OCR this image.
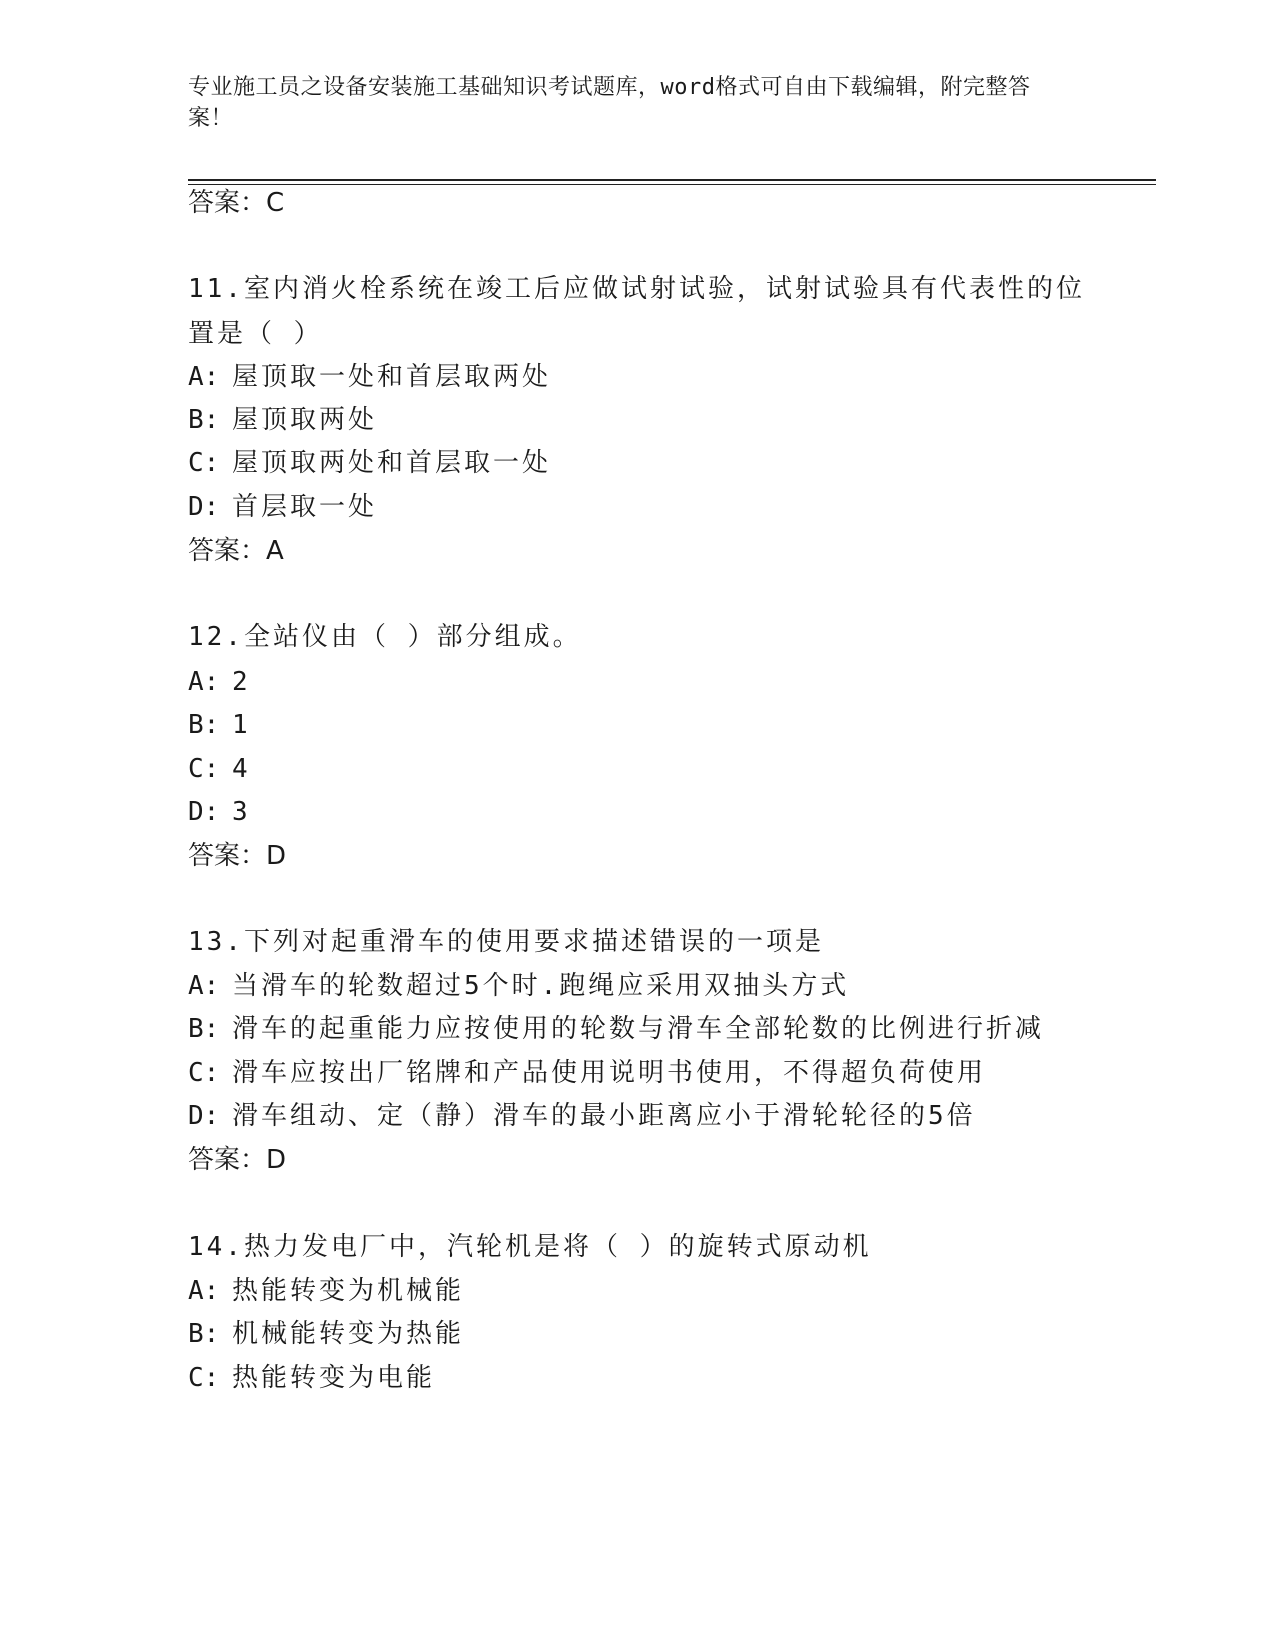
专业施工员之设备安装施工基础知识考试题库，word格式可自由下载编辑，附完整答案！
答案：C
11.室内消火栓系统在竣工后应做试射试验，试射试验具有代表性的位置是（ ）
A: 屋顶取一处和首层取两处
B: 屋顶取两处
C: 屋顶取两处和首层取一处
D: 首层取一处
答案：A
12.全站仪由（ ）部分组成。
A: 2
B: 1
C: 4
D: 3
答案：D
13.下列对起重滑车的使用要求描述错误的一项是
A: 当滑车的轮数超过5个时.跑绳应采用双抽头方式
B: 滑车的起重能力应按使用的轮数与滑车全部轮数的比例进行折减
C: 滑车应按出厂铭牌和产品使用说明书使用，不得超负荷使用
D: 滑车组动、定（静）滑车的最小距离应小于滑轮轮径的5倍
答案：D
14.热力发电厂中，汽轮机是将（ ）的旋转式原动机
A: 热能转变为机械能
B: 机械能转变为热能
C: 热能转变为电能
